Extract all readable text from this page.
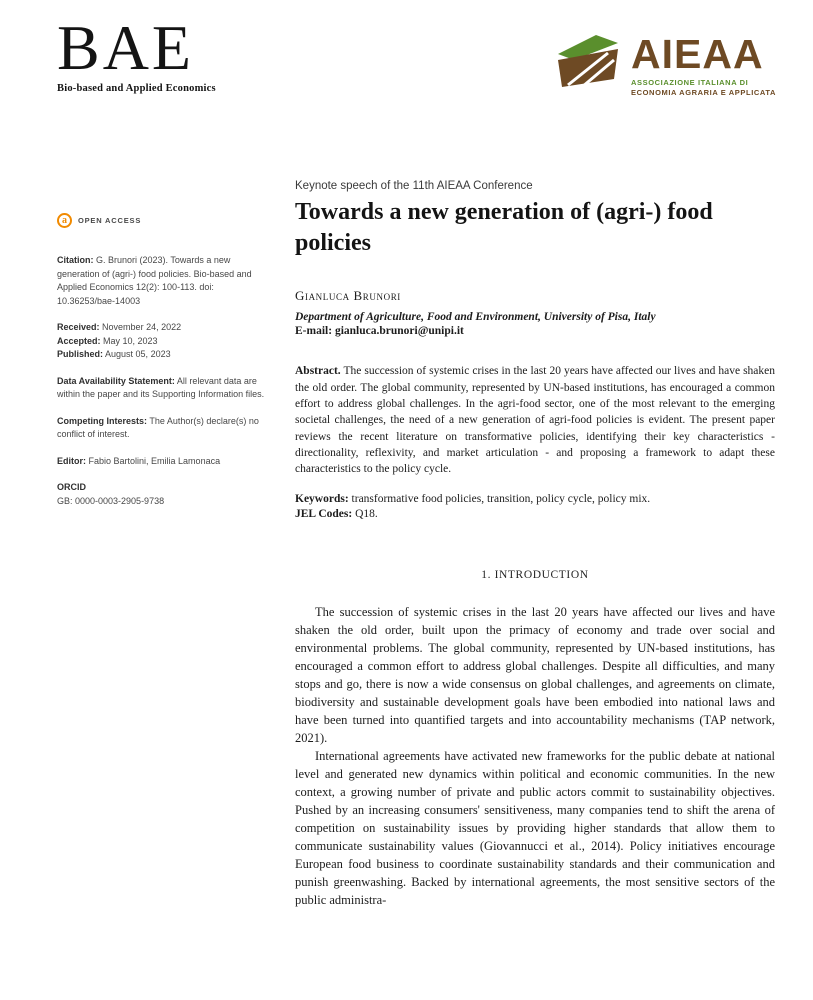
BAE
Bio-based and Applied Economics
AIEAA
ASSOCIAZIONE ITALIANA DI
ECONOMIA AGRARIA E APPLICATA
a	OPEN ACCESS

Citation: G. Brunori (2023). Towards a new generation of (agri-) food policies. Bio-based and Applied Economics 12(2): 100-113. doi: 10.36253/bae-14003

Received: November 24, 2022

Accepted: May 10, 2023

Published: August 05, 2023

Data Availability Statement: All relevant data are within the paper and its Supporting Information files.

Competing Interests: The Author(s) declare(s) no conflict of interest.

Editor: Fabio Bartolini, Emilia Lamonaca

ORCID

GB: 0000-0003-2905-9738

Keynote speech of the 11th AIEAA Conference

Towards a new generation of (agri-) food policies

Gianluca Brunori

Department of Agriculture, Food and Environment, University of Pisa, Italy

E-mail: gianluca.brunori@unipi.it

Abstract. The succession of systemic crises in the last 20 years have affected our lives and have shaken the old order. The global community, represented by UN-based institutions, has encouraged a common effort to address global challenges. In the agri-food sector, one of the most relevant to the emerging societal challenges, the need of a new generation of agri-food policies is evident. The present paper reviews the recent literature on transformative policies, identifying their key characteristics - directionality, reflexivity, and market articulation - and proposing a framework to adapt these characteristics to the policy cycle.

Keywords: transformative food policies, transition, policy cycle, policy mix.

JEL Codes: Q18.

1. INTRODUCTION

The succession of systemic crises in the last 20 years have affected our lives and have shaken the old order, built upon the primacy of economy and trade over social and environmental problems. The global community, represented by UN-based institutions, has encouraged a common effort to address global challenges. Despite all difficulties, and many stops and go, there is now a wide consensus on global challenges, and agreements on climate, biodiversity and sustainable development goals have been embodied into national laws and have been turned into quantified targets and into accountability mechanisms (TAP network, 2021).

International agreements have activated new frameworks for the public debate at national level and generated new dynamics within political and economic communities. In the new context, a growing number of private and public actors commit to sustainability objectives. Pushed by an increasing consumers' sensitiveness, many companies tend to shift the arena of competition on sustainability issues by providing higher standards that allow them to communicate sustainability values (Giovannucci et al., 2014). Policy initiatives encourage European food business to coordinate sustainability standards and their communication and punish greenwashing. Backed by international agreements, the most sensitive sectors of the public administra-
